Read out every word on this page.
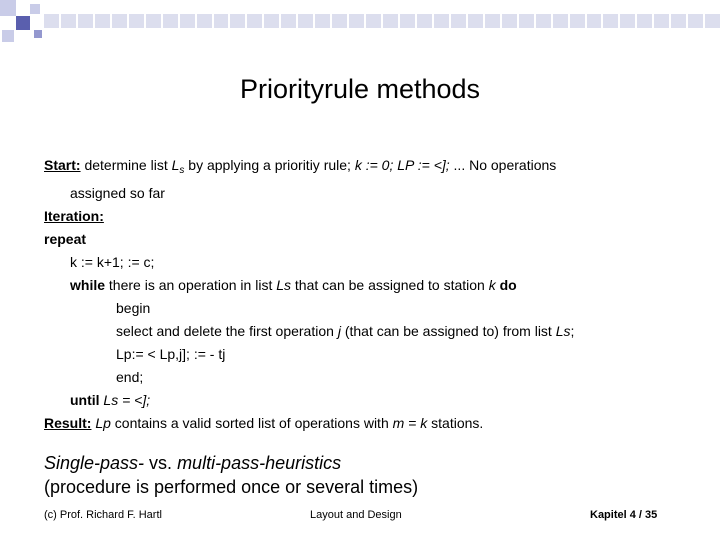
Priorityrule methods
Start: determine list $L_s$ by applying a prioritiy rule; k := 0; LP := <]; ... No operations
assigned so far
Iteration:
repeat
k := k+1; := c;
while there is an operation in list Ls that can be assigned to station k do
begin
select and delete the first operation j (that can be assigned to) from list Ls;
Lp:= < Lp,j]; := - tj
end;
until Ls = <];
Result: Lp contains a valid sorted list of operations with m = k stations.
Single-pass- vs. multi-pass-heuristics
(procedure is performed once or several times)
(c) Prof. Richard F. Hartl	Layout and Design	Kapitel 4 / 35
